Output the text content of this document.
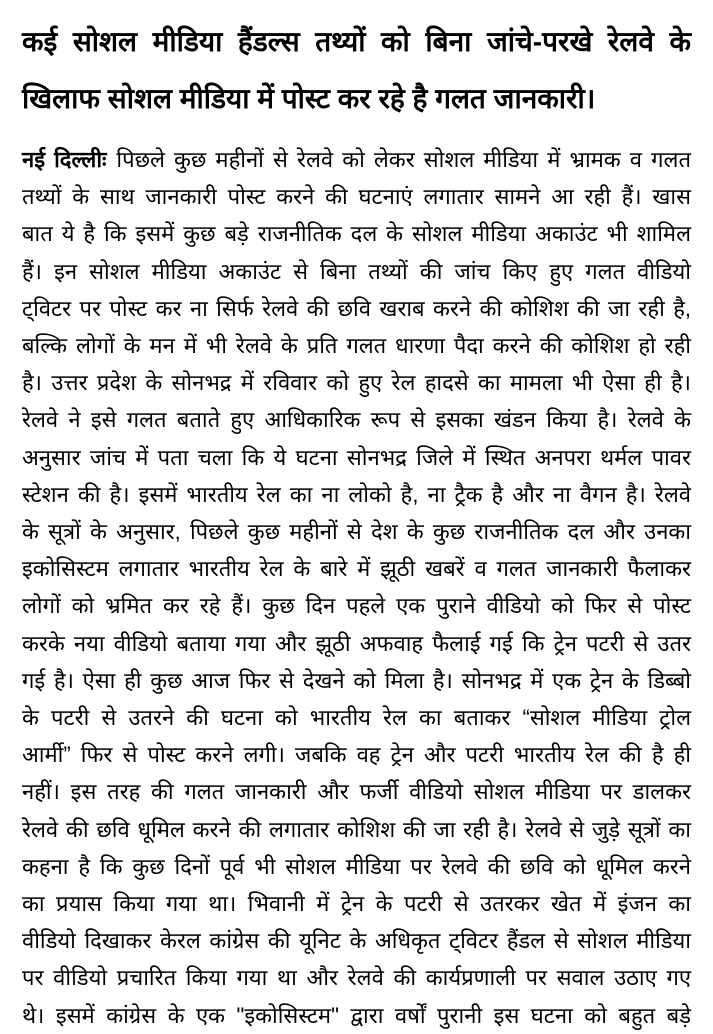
कई सोशल मीडिया हैंडल्स तथ्यों को बिना जांचे-परखे रेलवे के
खिलाफ सोशल मीडिया में पोस्ट कर रहे है गलत जानकारी।
नई दिल्लीः पिछले कुछ महीनों से रेलवे को लेकर सोशल मीडिया में भ्रामक व गलत
तथ्यों के साथ जानकारी पोस्ट करने की घटनाएं लगातार सामने आ रही हैं। खास
बात ये है कि इसमें कुछ बड़े राजनीतिक दल के सोशल मीडिया अकाउंट भी शामिल
हैं। इन सोशल मीडिया अकाउंट से बिना तथ्यों की जांच किए हुए गलत वीडियो
ट्विटर पर पोस्ट कर ना सिर्फ रेलवे की छवि खराब करने की कोशिश की जा रही है,
बल्कि लोगों के मन में भी रेलवे के प्रति गलत धारणा पैदा करने की कोशिश हो रही
है। उत्तर प्रदेश के सोनभद्र में रविवार को हुए रेल हादसे का मामला भी ऐसा ही है।
रेलवे ने इसे गलत बताते हुए आधिकारिक रूप से इसका खंडन किया है। रेलवे के
अनुसार जांच में पता चला कि ये घटना सोनभद्र जिले में स्थित अनपरा थर्मल पावर
स्टेशन की है। इसमें भारतीय रेल का ना लोको है, ना ट्रैक है और ना वैगन है। रेलवे
के सूत्रों के अनुसार, पिछले कुछ महीनों से देश के कुछ राजनीतिक दल और उनका
इकोसिस्टम लगातार भारतीय रेल के बारे में झूठी खबरें व गलत जानकारी फैलाकर
लोगों को भ्रमित कर रहे हैं। कुछ दिन पहले एक पुराने वीडियो को फिर से पोस्ट
करके नया वीडियो बताया गया और झूठी अफवाह फैलाई गई कि ट्रेन पटरी से उतर
गई है। ऐसा ही कुछ आज फिर से देखने को मिला है। सोनभद्र में एक ट्रेन के डिब्बो
के पटरी से उतरने की घटना को भारतीय रेल का बताकर “सोशल मीडिया ट्रोल
आर्मी” फिर से पोस्ट करने लगी। जबकि वह ट्रेन और पटरी भारतीय रेल की है ही
नहीं। इस तरह की गलत जानकारी और फर्जी वीडियो सोशल मीडिया पर डालकर
रेलवे की छवि धूमिल करने की लगातार कोशिश की जा रही है। रेलवे से जुड़े सूत्रों का
कहना है कि कुछ दिनों पूर्व भी सोशल मीडिया पर रेलवे की छवि को धूमिल करने
का प्रयास किया गया था। भिवानी में ट्रेन के पटरी से उतरकर खेत में इंजन का
वीडियो दिखाकर केरल कांग्रेस की यूनिट के अधिकृत ट्विटर हैंडल से सोशल मीडिया
पर वीडियो प्रचारित किया गया था और रेलवे की कार्यप्रणाली पर सवाल उठाए गए
थे। इसमें कांग्रेस के एक "इकोसिस्टम" द्वारा वर्षों पुरानी इस घटना को बहुत बड़े
